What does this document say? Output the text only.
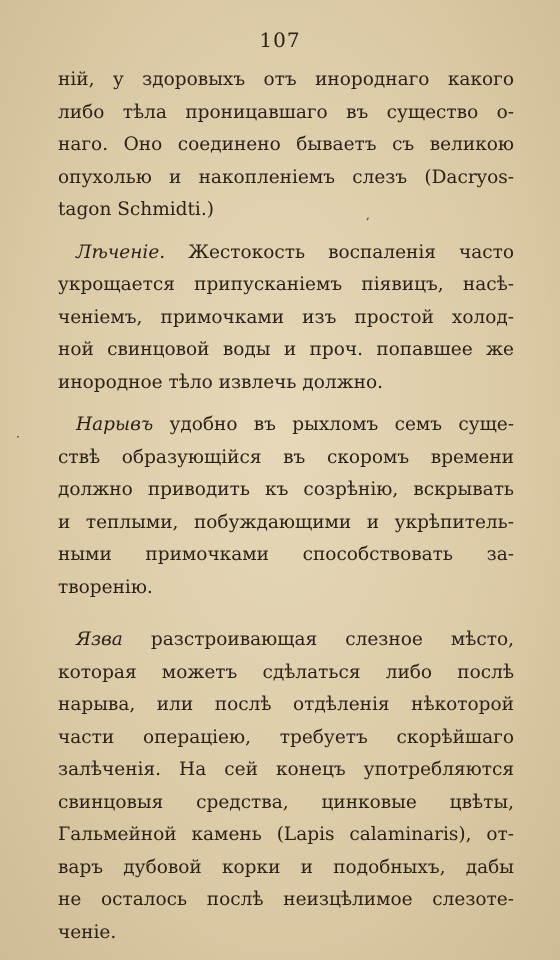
107
ній, у здоровыхъ отъ инороднаго какого
либо тѣла проницавшаго въ существо о-
наго. Оно соединено бываетъ съ великою
опухолью и накопленіемъ слезъ (Dacryos-
tagon Schmidti.)
Лѣченіе. Жестокость воспаленія часто
укрощается припусканіемъ піявицъ, насѣ-
ченіемъ, примочками изъ простой холод-
ной свинцовой воды и проч. попавшее же
инородное тѣло извлечь должно.
Нарывъ удобно въ рыхломъ семъ суще-
ствѣ образующійся въ скоромъ времени
должно приводить къ созрѣнію, вскрывать
и теплыми, побуждающими и укрѣпитель-
ными примочками способствовать за-
твоpенію.
Язва разстроивающая слезное мѣсто,
которая можетъ сдѣлаться либо послѣ
нарыва, или послѣ отдѣленія нѣкоторой
части операціею, требуетъ скорѣйшаго
залѣченія. На сей конецъ употребляются
свинцовыя средства, цинковые цвѣты,
Гальмейной камень (Lapis calaminaris), от-
варъ дубовой корки и подобныхъ, дабы
не осталось послѣ неизцѣлимое слезоте-
ченіе.
,
·
